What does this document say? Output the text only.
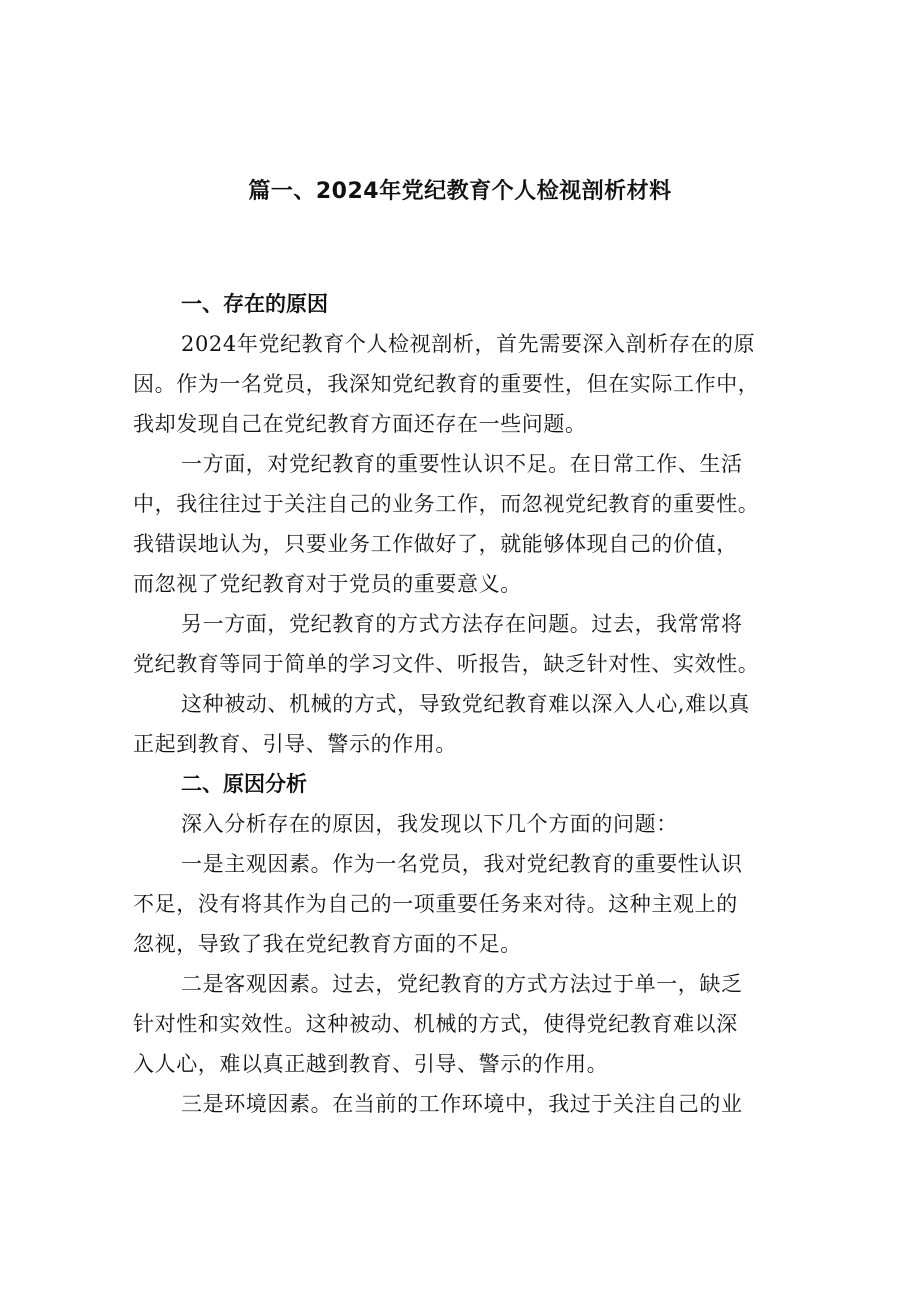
篇一、2024年党纪教育个人检视剖析材料
一、存在的原因
2024年党纪教育个人检视剖析，首先需要深入剖析存在的原
因。作为一名党员，我深知党纪教育的重要性，但在实际工作中，
我却发现自己在党纪教育方面还存在一些问题。
一方面，对党纪教育的重要性认识不足。在日常工作、生活
中，我往往过于关注自己的业务工作，而忽视党纪教育的重要性。
我错误地认为，只要业务工作做好了，就能够体现自己的价值，
而忽视了党纪教育对于党员的重要意义。
另一方面，党纪教育的方式方法存在问题。过去，我常常将
党纪教育等同于简单的学习文件、听报告，缺乏针对性、实效性。
这种被动、机械的方式，导致党纪教育难以深入人心,难以真
正起到教育、引导、警示的作用。
二、原因分析
深入分析存在的原因，我发现以下几个方面的问题：
一是主观因素。作为一名党员，我对党纪教育的重要性认识
不足，没有将其作为自己的一项重要任务来对待。这种主观上的
忽视，导致了我在党纪教育方面的不足。
二是客观因素。过去，党纪教育的方式方法过于单一，缺乏
针对性和实效性。这种被动、机械的方式，使得党纪教育难以深
入人心，难以真正越到教育、引导、警示的作用。
三是环境因素。在当前的工作环境中，我过于关注自己的业
